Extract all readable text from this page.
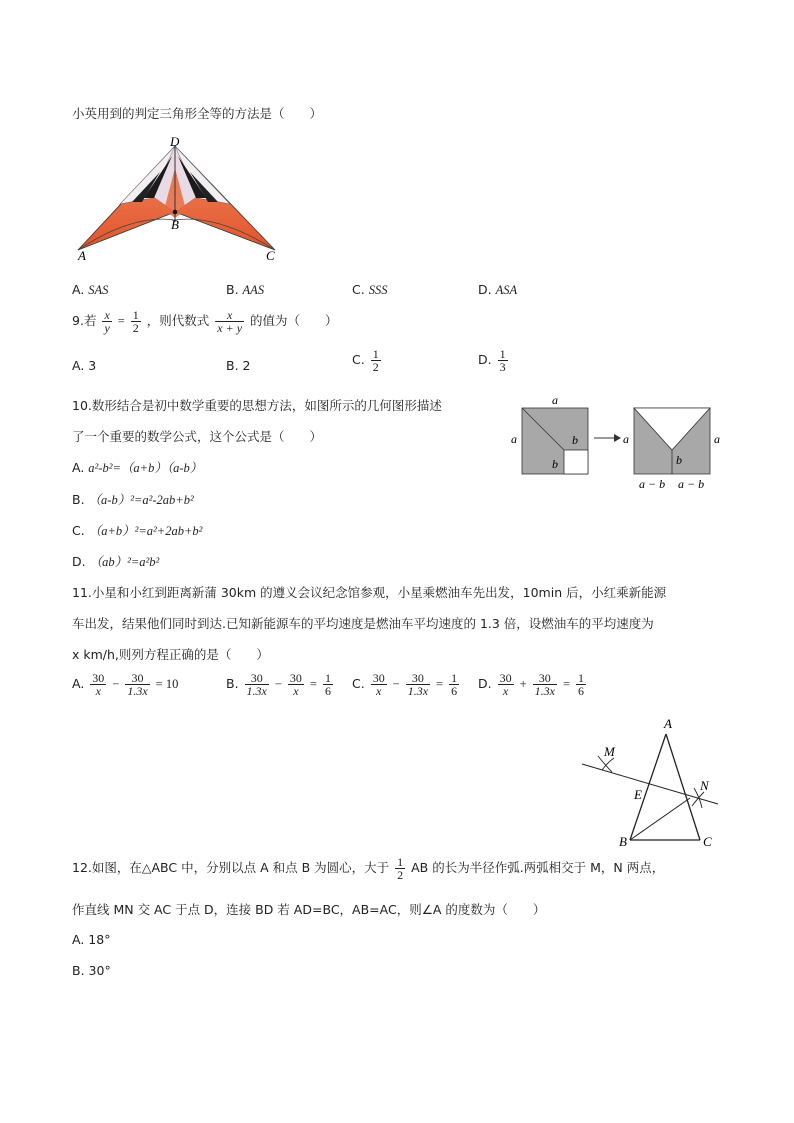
小英用到的判定三角形全等的方法是（　　）
D
B
A	C
A. SAS	B. AAS	C. SSS	D. ASA
9.若 $\frac{x}{y} = \frac{1}{2}$ ，则代数式 $\frac{x}{x + y}$ 的值为（　　）
A. 3	B. 2	C. $\frac{1}{2}$	D. $\frac{1}{3}$
10.数形结合是初中数学重要的思想方法，如图所示的几何图形描述
了一个重要的数学公式，这个公式是（　　）
A. a²-b²=（a+b）（a-b）
B. （a-b）²=a²-2ab+b²
C. （a+b）²=a²+2ab+b²
D. （ab）²=a²b²
a
a	b
b
a	a
b
a − b a − b
11.小星和小红到距离新蒲 30km 的遵义会议纪念馆参观，小星乘燃油车先出发，10min 后，小红乘新能源
车出发，结果他们同时到达.已知新能源车的平均速度是燃油车平均速度的 1.3 倍，设燃油车的平均速度为
x km/h,则列方程正确的是（　　）
A. $\frac{30}{x} - \frac{30}{1.3x} = 10$	B. $\frac{30}{1.3x} - \frac{30}{x} = \frac{1}{6} C$. $\frac{30}{x} - \frac{30}{1.3x} = \frac{1}{6} D$. $\frac{30}{x} + \frac{30}{1.3x} = \frac{1}{6}$
A
M
N
E
B	C
12.如图，在△ABC 中，分别以点 A 和点 B 为圆心，大于 $\frac{1}{2}$ AB 的长为半径作弧.两弧相交于 M，N 两点，
作直线 MN 交 AC 于点 D，连接 BD 若 AD=BC，AB=AC，则∠A 的度数为（　　）
A. 18°
B. 30°
